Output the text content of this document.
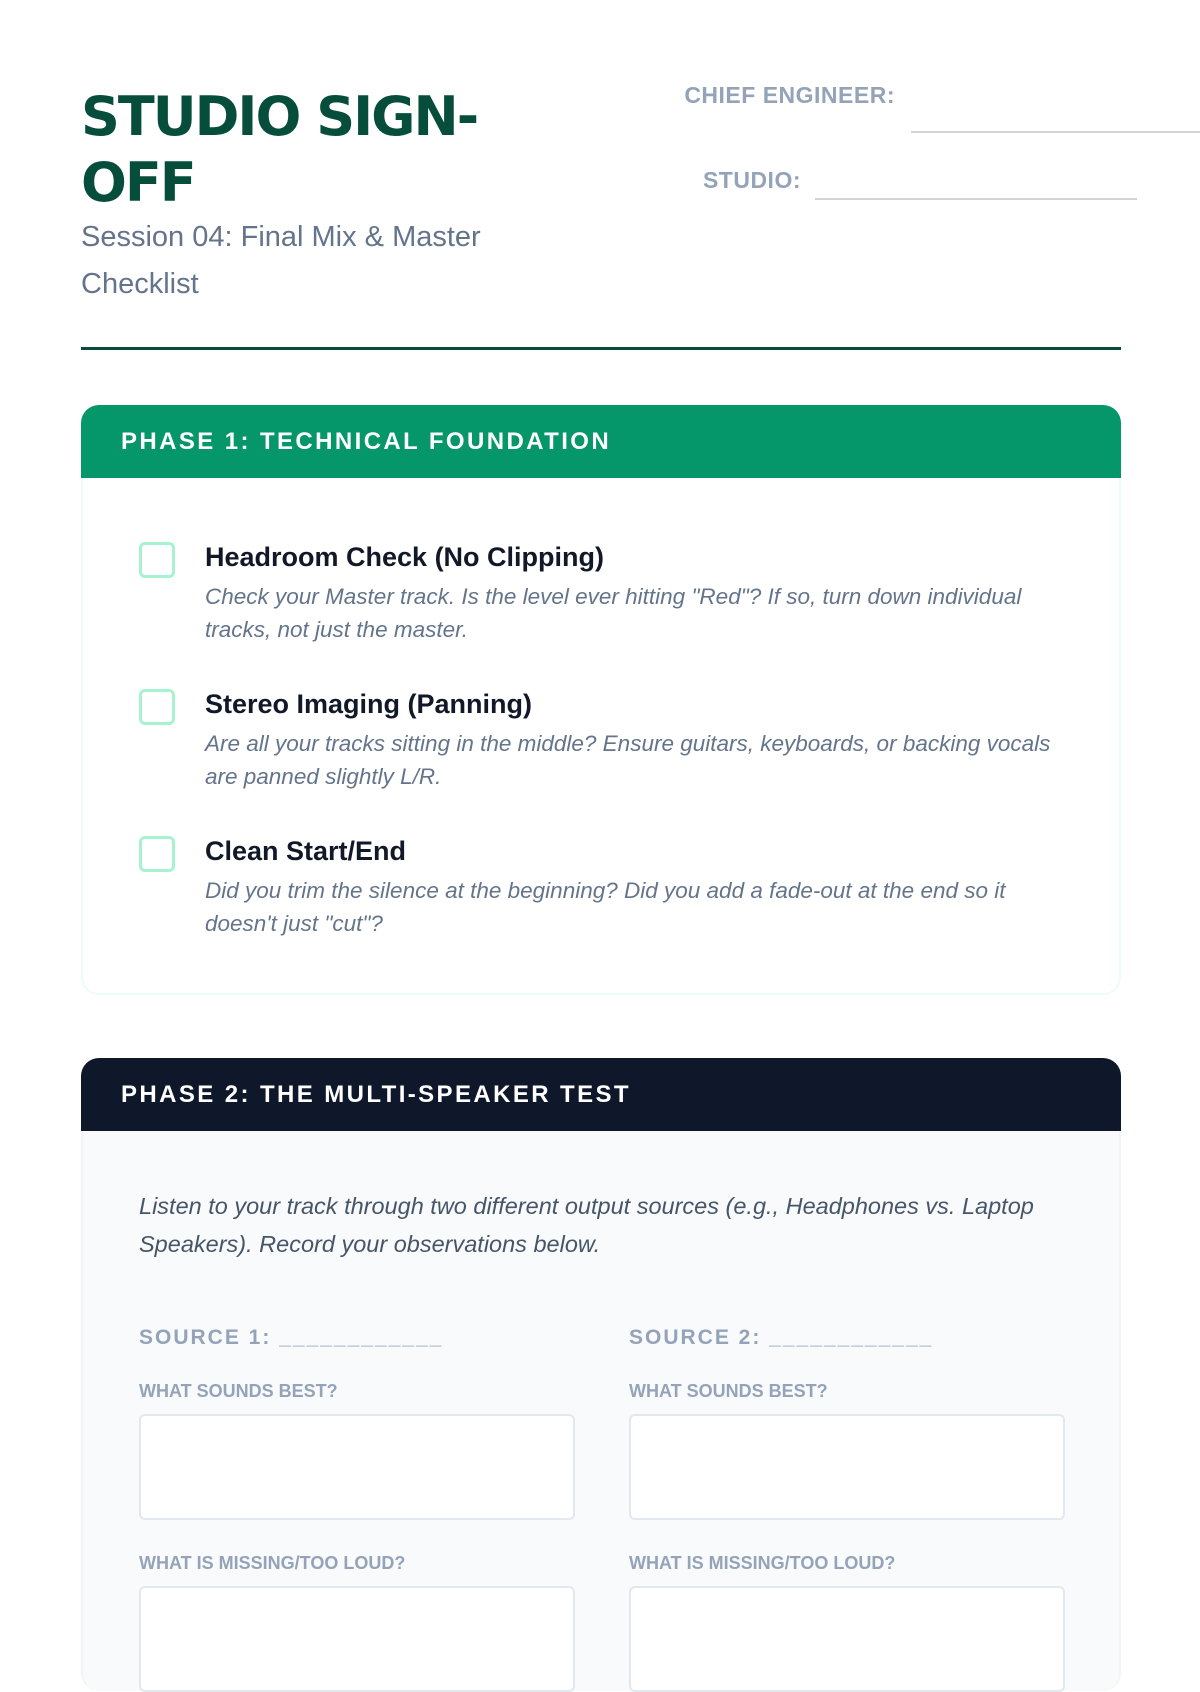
STUDIO SIGN-OFF

Session 04: Final Mix & Master Checklist

CHIEF ENGINEER:
STUDIO:
PHASE 1: TECHNICAL FOUNDATION

Headroom Check (No Clipping)

Check your Master track. Is the level ever hitting "Red"? If so, turn down individual tracks, not just the master.

Stereo Imaging (Panning)

Are all your tracks sitting in the middle? Ensure guitars, keyboards, or backing vocals are panned slightly L/R.

Clean Start/End

Did you trim the silence at the beginning? Did you add a fade-out at the end so it doesn't just "cut"?

PHASE 2: THE MULTI-SPEAKER TEST

Listen to your track through two different output sources (e.g., Headphones vs. Laptop Speakers). Record your observations below.

SOURCE 1: ____________

WHAT SOUNDS BEST?

WHAT IS MISSING/TOO LOUD?

SOURCE 2: ____________

WHAT SOUNDS BEST?

WHAT IS MISSING/TOO LOUD?
